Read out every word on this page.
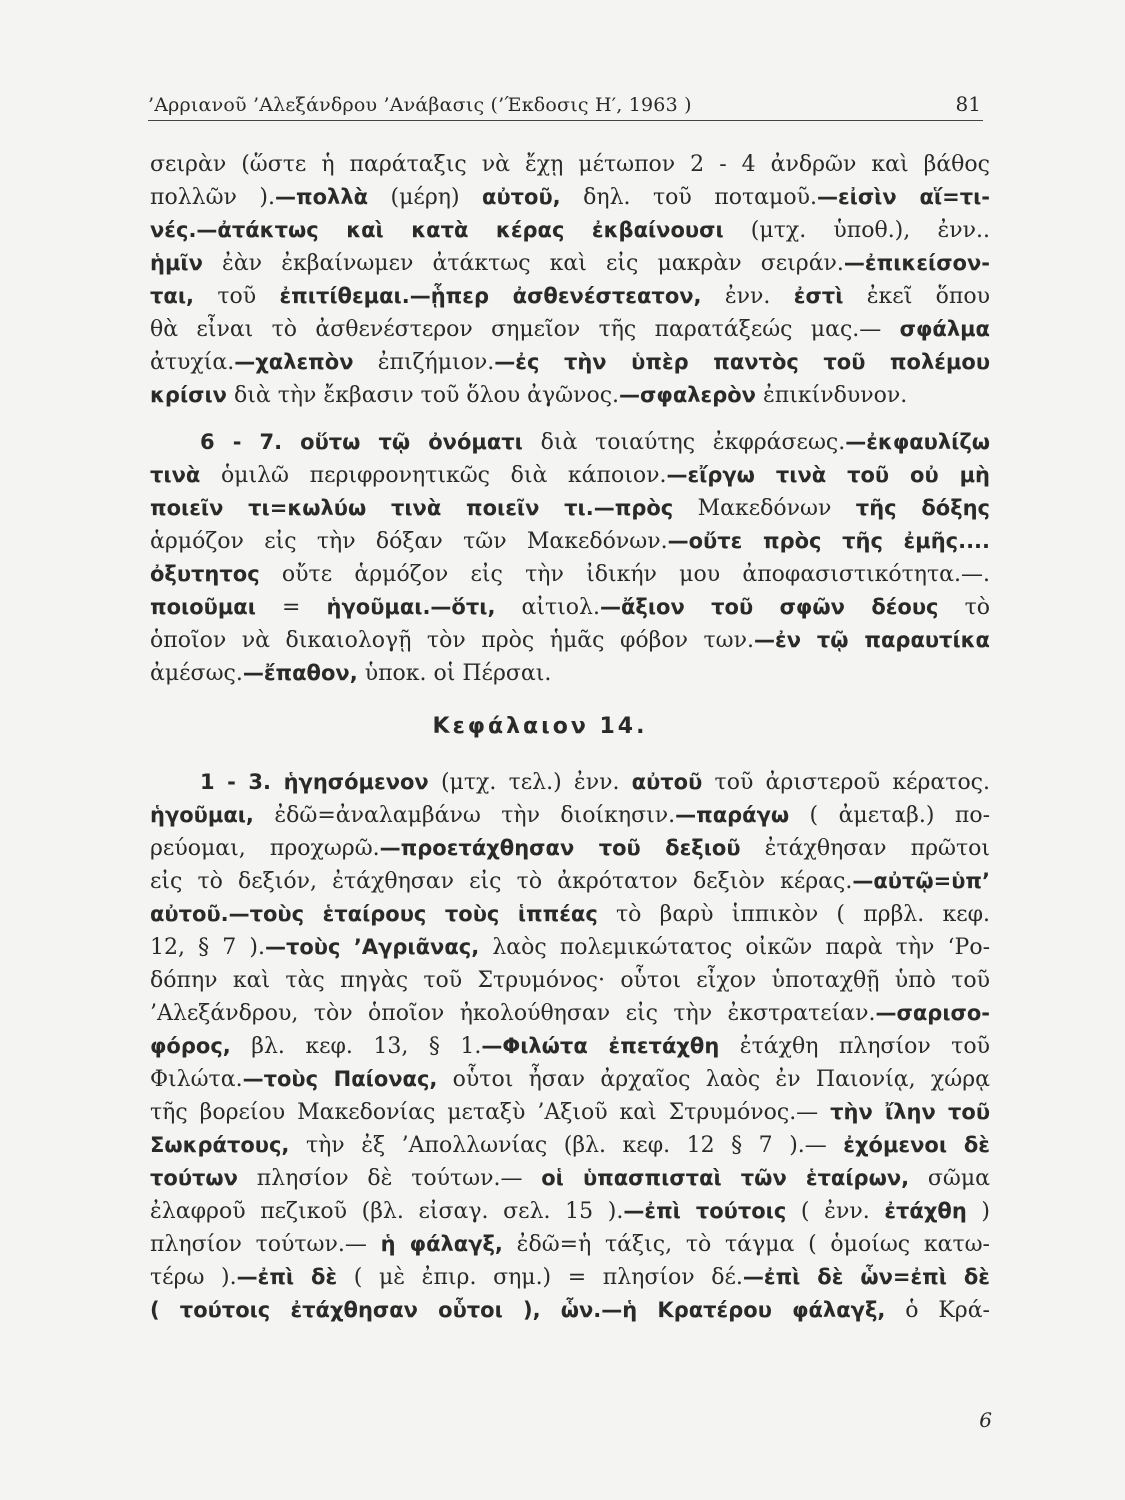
’Αρριανοῦ ’Αλεξάνδρου ’Ανάβασις (’Έκδοσις Η′, 1963 )	81
σειρὰν (ὥστε ἡ παράταξις νὰ ἔχῃ μέτωπον 2 - 4 ἀνδρῶν καὶ βάθος
πολλῶν ).—πολλὰ (μέρη) αὐτοῦ, δηλ. τοῦ ποταμοῦ.—εἰσὶν αἵ=τι-
νές.—ἀτάκτως καὶ κατὰ κέρας ἐκβαίνουσι (μτχ. ὑποθ.), ἐνν..
ἡμῖν ἐὰν ἐκβαίνωμεν ἀτάκτως καὶ εἰς μακρὰν σειράν.—ἐπικείσον-
ται, τοῦ ἐπιτίθεμαι.—ᾗπερ ἀσθενέστεατον, ἐνν. ἐστὶ ἐκεῖ ὅπου
θὰ εἶναι τὸ ἀσθενέστερον σημεῖον τῆς παρατάξεώς μας.— σφάλμα
ἀτυχία.—χαλεπὸν ἐπιζήμιον.—ἐς τὴν ὑπὲρ παντὸς τοῦ πολέμου
κρίσιν διὰ τὴν ἔκβασιν τοῦ ὅλου ἀγῶνος.—σφαλερὸν ἐπικίνδυνον.
6 - 7. οὕτω τῷ ὀνόματι διὰ τοιαύτης ἐκφράσεως.—ἐκφαυλίζω
τινὰ ὁμιλῶ περιφρονητικῶς διὰ κάποιον.—εἴργω τινὰ τοῦ οὐ μὴ
ποιεῖν τι=κωλύω τινὰ ποιεῖν τι.—πρὸς Μακεδόνων τῆς δόξης
ἁρμόζον εἰς τὴν δόξαν τῶν Μακεδόνων.—οὔτε πρὸς τῆς ἐμῆς....
ὀξυτητος οὔτε ἁρμόζον εἰς τὴν ἰδικήν μου ἀποφασιστικότητα.—.
ποιοῦμαι = ἡγοῦμαι.—ὅτι, αἰτιολ.—ἄξιον τοῦ σφῶν δέους τὸ
ὁποῖον νὰ δικαιολογῇ τὸν πρὸς ἡμᾶς φόβον των.—ἐν τῷ παραυτίκα
ἀμέσως.—ἔπαθον, ὑποκ. οἱ Πέρσαι.
Κεφάλαιον 14.
1 - 3. ἡγησόμενον (μτχ. τελ.) ἐνν. αὐτοῦ τοῦ ἀριστεροῦ κέρατος.
ἡγοῦμαι, ἐδῶ=ἀναλαμβάνω τὴν διοίκησιν.—παράγω ( ἀμεταβ.) πο-
ρεύομαι, προχωρῶ.—προετάχθησαν τοῦ δεξιοῦ ἐτάχθησαν πρῶτοι
εἰς τὸ δεξιόν, ἐτάχθησαν εἰς τὸ ἀκρότατον δεξιὸν κέρας.—αὐτῷ=ὑπ’
αὐτοῦ.—τοὺς ἑταίρους τοὺς ἱππέας τὸ βαρὺ ἱππικὸν ( πρβλ. κεφ.
12, § 7 ).—τοὺς ’Αγριᾶνας, λαὸς πολεμικώτατος οἰκῶν παρὰ τὴν ‘Ρο-
δόπην καὶ τὰς πηγὰς τοῦ Στρυμόνος· οὗτοι εἶχον ὑποταχθῇ ὑπὸ τοῦ
’Αλεξάνδρου, τὸν ὁποῖον ἠκολούθησαν εἰς τὴν ἐκστρατείαν.—σαρισο-
φόρος, βλ. κεφ. 13, § 1.—Φιλώτα ἐπετάχθη ἐτάχθη πλησίον τοῦ
Φιλώτα.—τοὺς Παίονας, οὗτοι ἦσαν ἀρχαῖος λαὸς ἐν Παιονίᾳ, χώρᾳ
τῆς βορείου Μακεδονίας μεταξὺ ’Αξιοῦ καὶ Στρυμόνος.— τὴν ἴλην τοῦ
Σωκράτους, τὴν ἐξ ’Απολλωνίας (βλ. κεφ. 12 § 7 ).— ἐχόμενοι δὲ
τούτων πλησίον δὲ τούτων.— οἱ ὑπασπισταὶ τῶν ἑταίρων, σῶμα
ἐλαφροῦ πεζικοῦ (βλ. εἰσαγ. σελ. 15 ).—ἐπὶ τούτοις ( ἐνν. ἐτάχθη )
πλησίον τούτων.— ἡ φάλαγξ, ἐδῶ=ἡ τάξις, τὸ τάγμα ( ὁμοίως κατω-
τέρω ).—ἐπὶ δὲ ( μὲ ἐπιρ. σημ.) = πλησίον δέ.—ἐπὶ δὲ ὧν=ἐπὶ δὲ
( τούτοις ἐτάχθησαν οὗτοι ), ὧν.—ἡ Κρατέρου φάλαγξ, ὁ Κρά-
6
